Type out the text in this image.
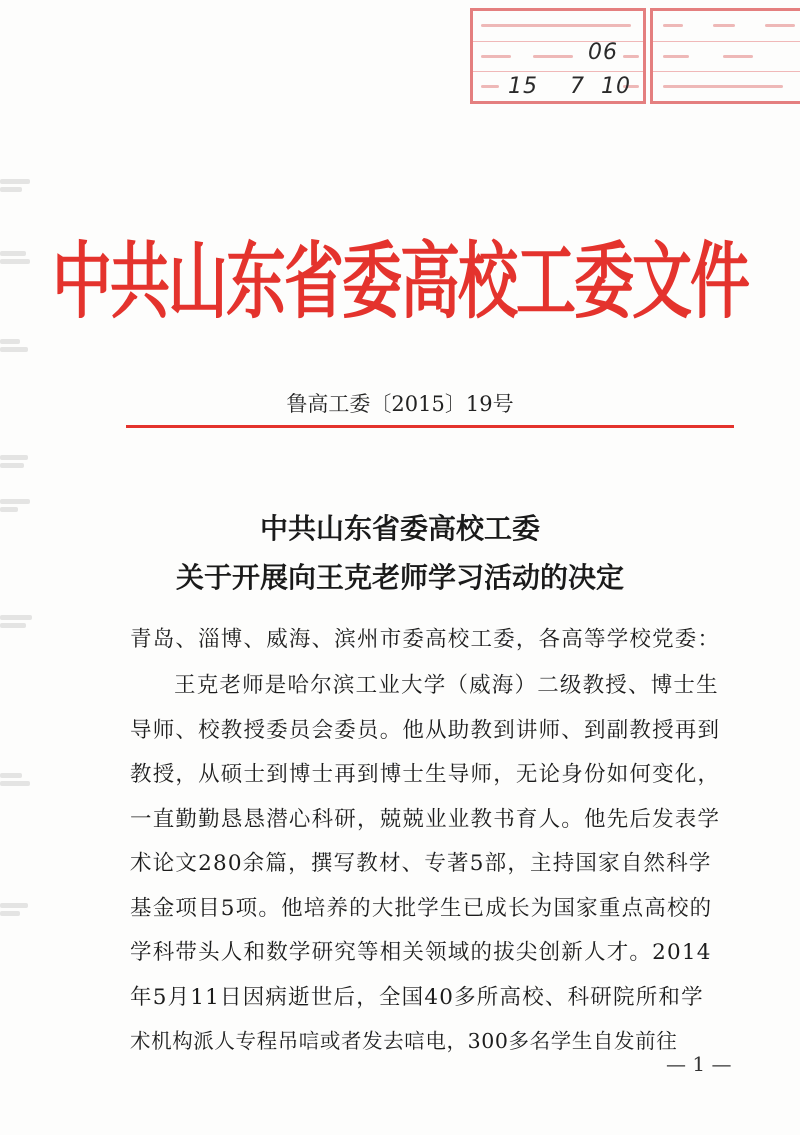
06
15    7  10
中共山东省委高校工委文件
鲁高工委〔2015〕19号
中共山东省委高校工委
关于开展向王克老师学习活动的决定
青岛、淄博、威海、滨州市委高校工委，各高等学校党委：
王克老师是哈尔滨工业大学（威海）二级教授、博士生
导师、校教授委员会委员。他从助教到讲师、到副教授再到
教授，从硕士到博士再到博士生导师，无论身份如何变化，
一直勤勤恳恳潜心科研，兢兢业业教书育人。他先后发表学
术论文280余篇，撰写教材、专著5部，主持国家自然科学
基金项目5项。他培养的大批学生已成长为国家重点高校的
学科带头人和数学研究等相关领域的拔尖创新人才。2014
年5月11日因病逝世后，全国40多所高校、科研院所和学
术机构派人专程吊唁或者发去唁电，300多名学生自发前往
— 1 —
